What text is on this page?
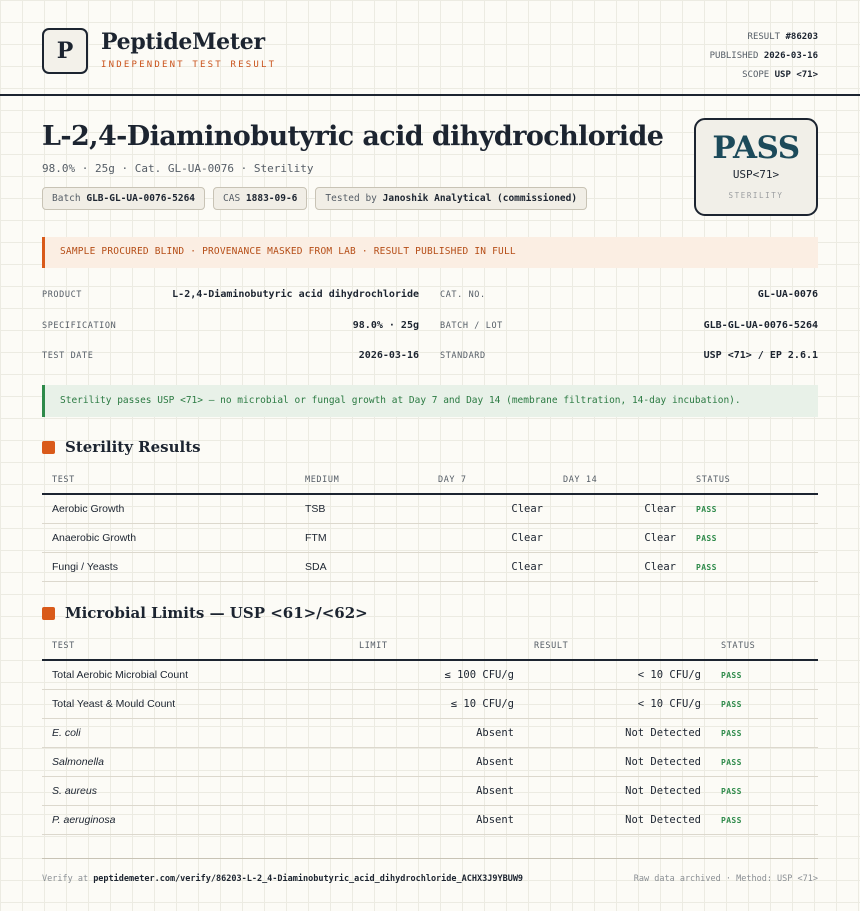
P PeptideMeter
INDEPENDENT TEST RESULT
RESULT #86203
PUBLISHED 2026-03-16
SCOPE USP <71>
L-2,4-Diaminobutyric acid dihydrochloride
98.0% · 25g · Cat. GL-UA-0076 · Sterility
Batch GLB-GL-UA-0076-5264	CAS 1883-09-6	Tested by Janoshik Analytical (commissioned)
PASS
USP<71>
STERILITY
SAMPLE PROCURED BLIND · PROVENANCE MASKED FROM LAB · RESULT PUBLISHED IN FULL
PRODUCT	L-2,4-Diaminobutyric acid dihydrochloride CAT. NO.	GL-UA-0076
SPECIFICATION	98.0% · 25g BATCH / LOT	GLB-GL-UA-0076-5264
TEST DATE	2026-03-16 STANDARD	USP <71> / EP 2.6.1
Sterility passes USP <71> — no microbial or fungal growth at Day 7 and Day 14 (membrane filtration, 14-day incubation).
Sterility Results
TEST	MEDIUM	DAY 7	DAY 14	STATUS
Aerobic Growth	TSB	Clear	Clear	PASS
Anaerobic Growth	FTM	Clear	Clear	PASS
Fungi / Yeasts	SDA	Clear	Clear	PASS
Microbial Limits — USP <61>/<62>
TEST	LIMIT	RESULT	STATUS
Total Aerobic Microbial Count	≤ 100 CFU/g	< 10 CFU/g	PASS
Total Yeast & Mould Count	≤ 10 CFU/g	< 10 CFU/g	PASS
E. coli	Absent	Not Detected	PASS
Salmonella	Absent	Not Detected	PASS
S. aureus	Absent	Not Detected	PASS
P. aeruginosa	Absent	Not Detected	PASS
Verify at peptidemeter.com/verify/86203-L-2_4-Diaminobutyric_acid_dihydrochloride_ACHX3J9YBUW9	Raw data archived · Method: USP <71>
